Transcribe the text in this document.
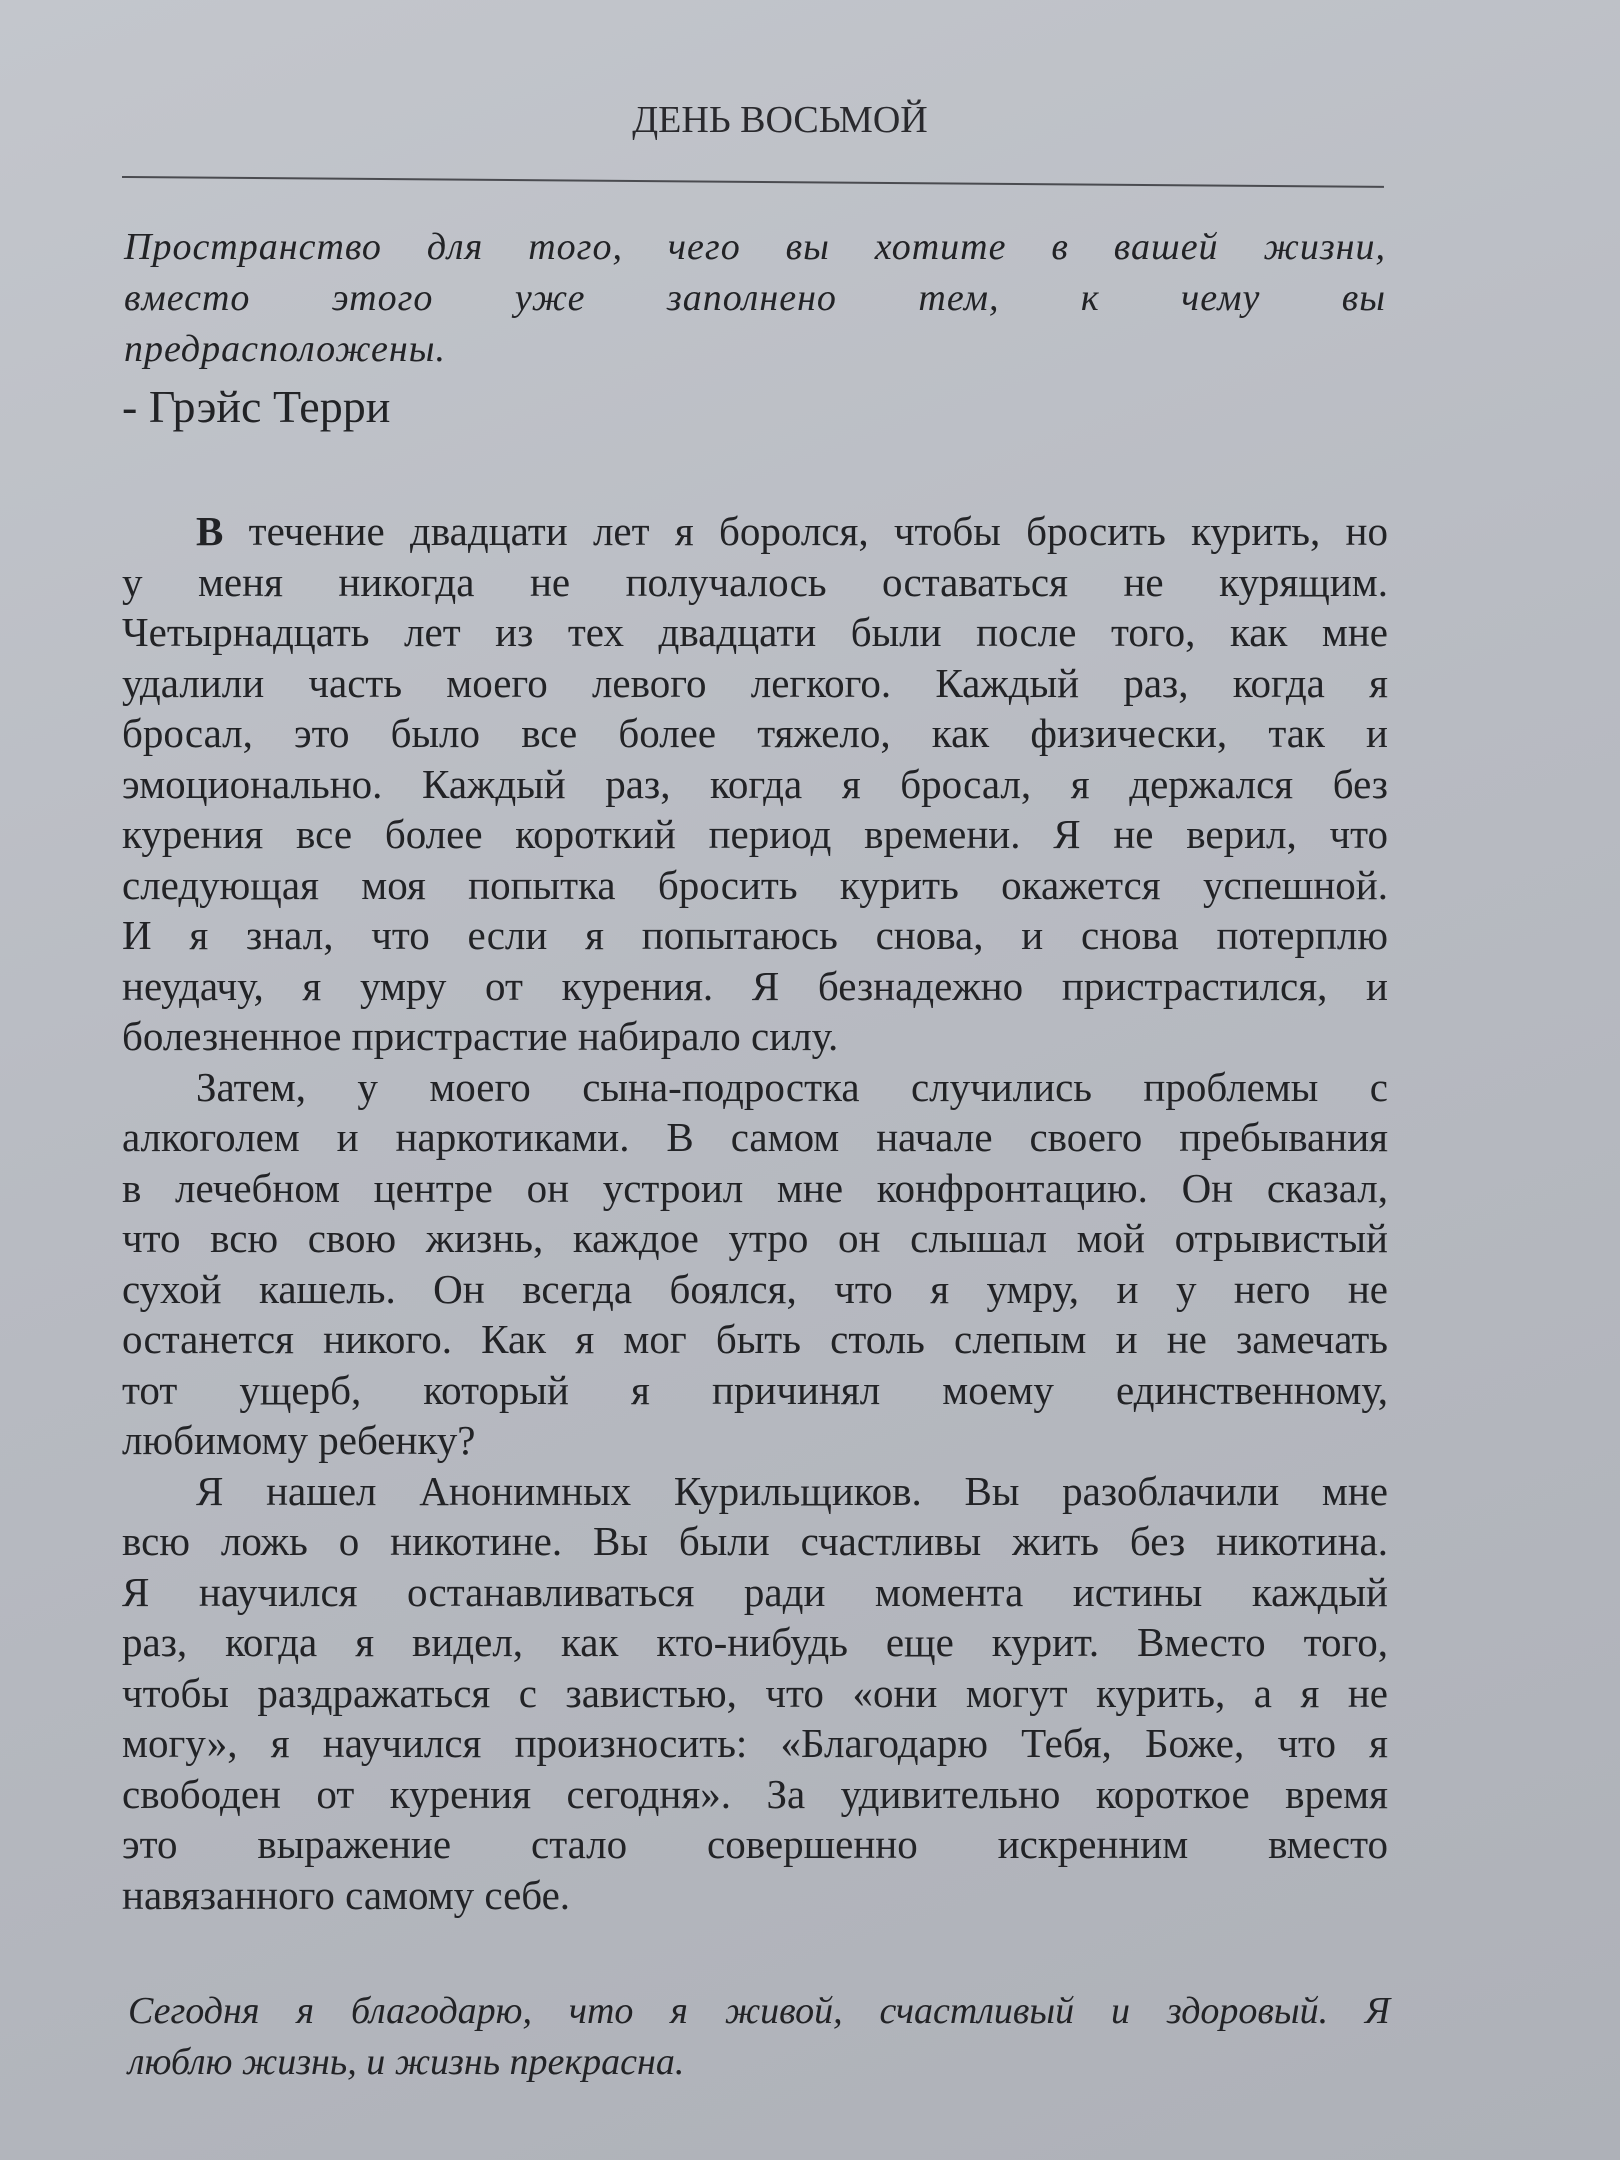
ДЕНЬ ВОСЬМОЙ
Пространство для того, чего вы хотите в вашей жизни,
вместо этого уже заполнено тем, к чему вы
предрасположены.
- Грэйс Терри
В течение двадцати лет я боролся, чтобы бросить курить, но
у меня никогда не получалось оставаться не курящим.
Четырнадцать лет из тех двадцати были после того, как мне
удалили часть моего левого легкого. Каждый раз, когда я
бросал, это было все более тяжело, как физически, так и
эмоционально. Каждый раз, когда я бросал, я держался без
курения все более короткий период времени. Я не верил, что
следующая моя попытка бросить курить окажется успешной.
И я знал, что если я попытаюсь снова, и снова потерплю
неудачу, я умру от курения. Я безнадежно пристрастился, и
болезненное пристрастие набирало силу.
Затем, у моего сына-подростка случились проблемы с
алкоголем и наркотиками. В самом начале своего пребывания
в лечебном центре он устроил мне конфронтацию. Он сказал,
что всю свою жизнь, каждое утро он слышал мой отрывистый
сухой кашель. Он всегда боялся, что я умру, и у него не
останется никого. Как я мог быть столь слепым и не замечать
тот ущерб, который я причинял моему единственному,
любимому ребенку?
Я нашел Анонимных Курильщиков. Вы разоблачили мне
всю ложь о никотине. Вы были счастливы жить без никотина.
Я научился останавливаться ради момента истины каждый
раз, когда я видел, как кто-нибудь еще курит. Вместо того,
чтобы раздражаться с завистью, что «они могут курить, а я не
могу», я научился произносить: «Благодарю Тебя, Боже, что я
свободен от курения сегодня». За удивительно короткое время
это выражение стало совершенно искренним вместо
навязанного самому себе.
Сегодня я благодарю, что я живой, счастливый и здоровый. Я
люблю жизнь, и жизнь прекрасна.
